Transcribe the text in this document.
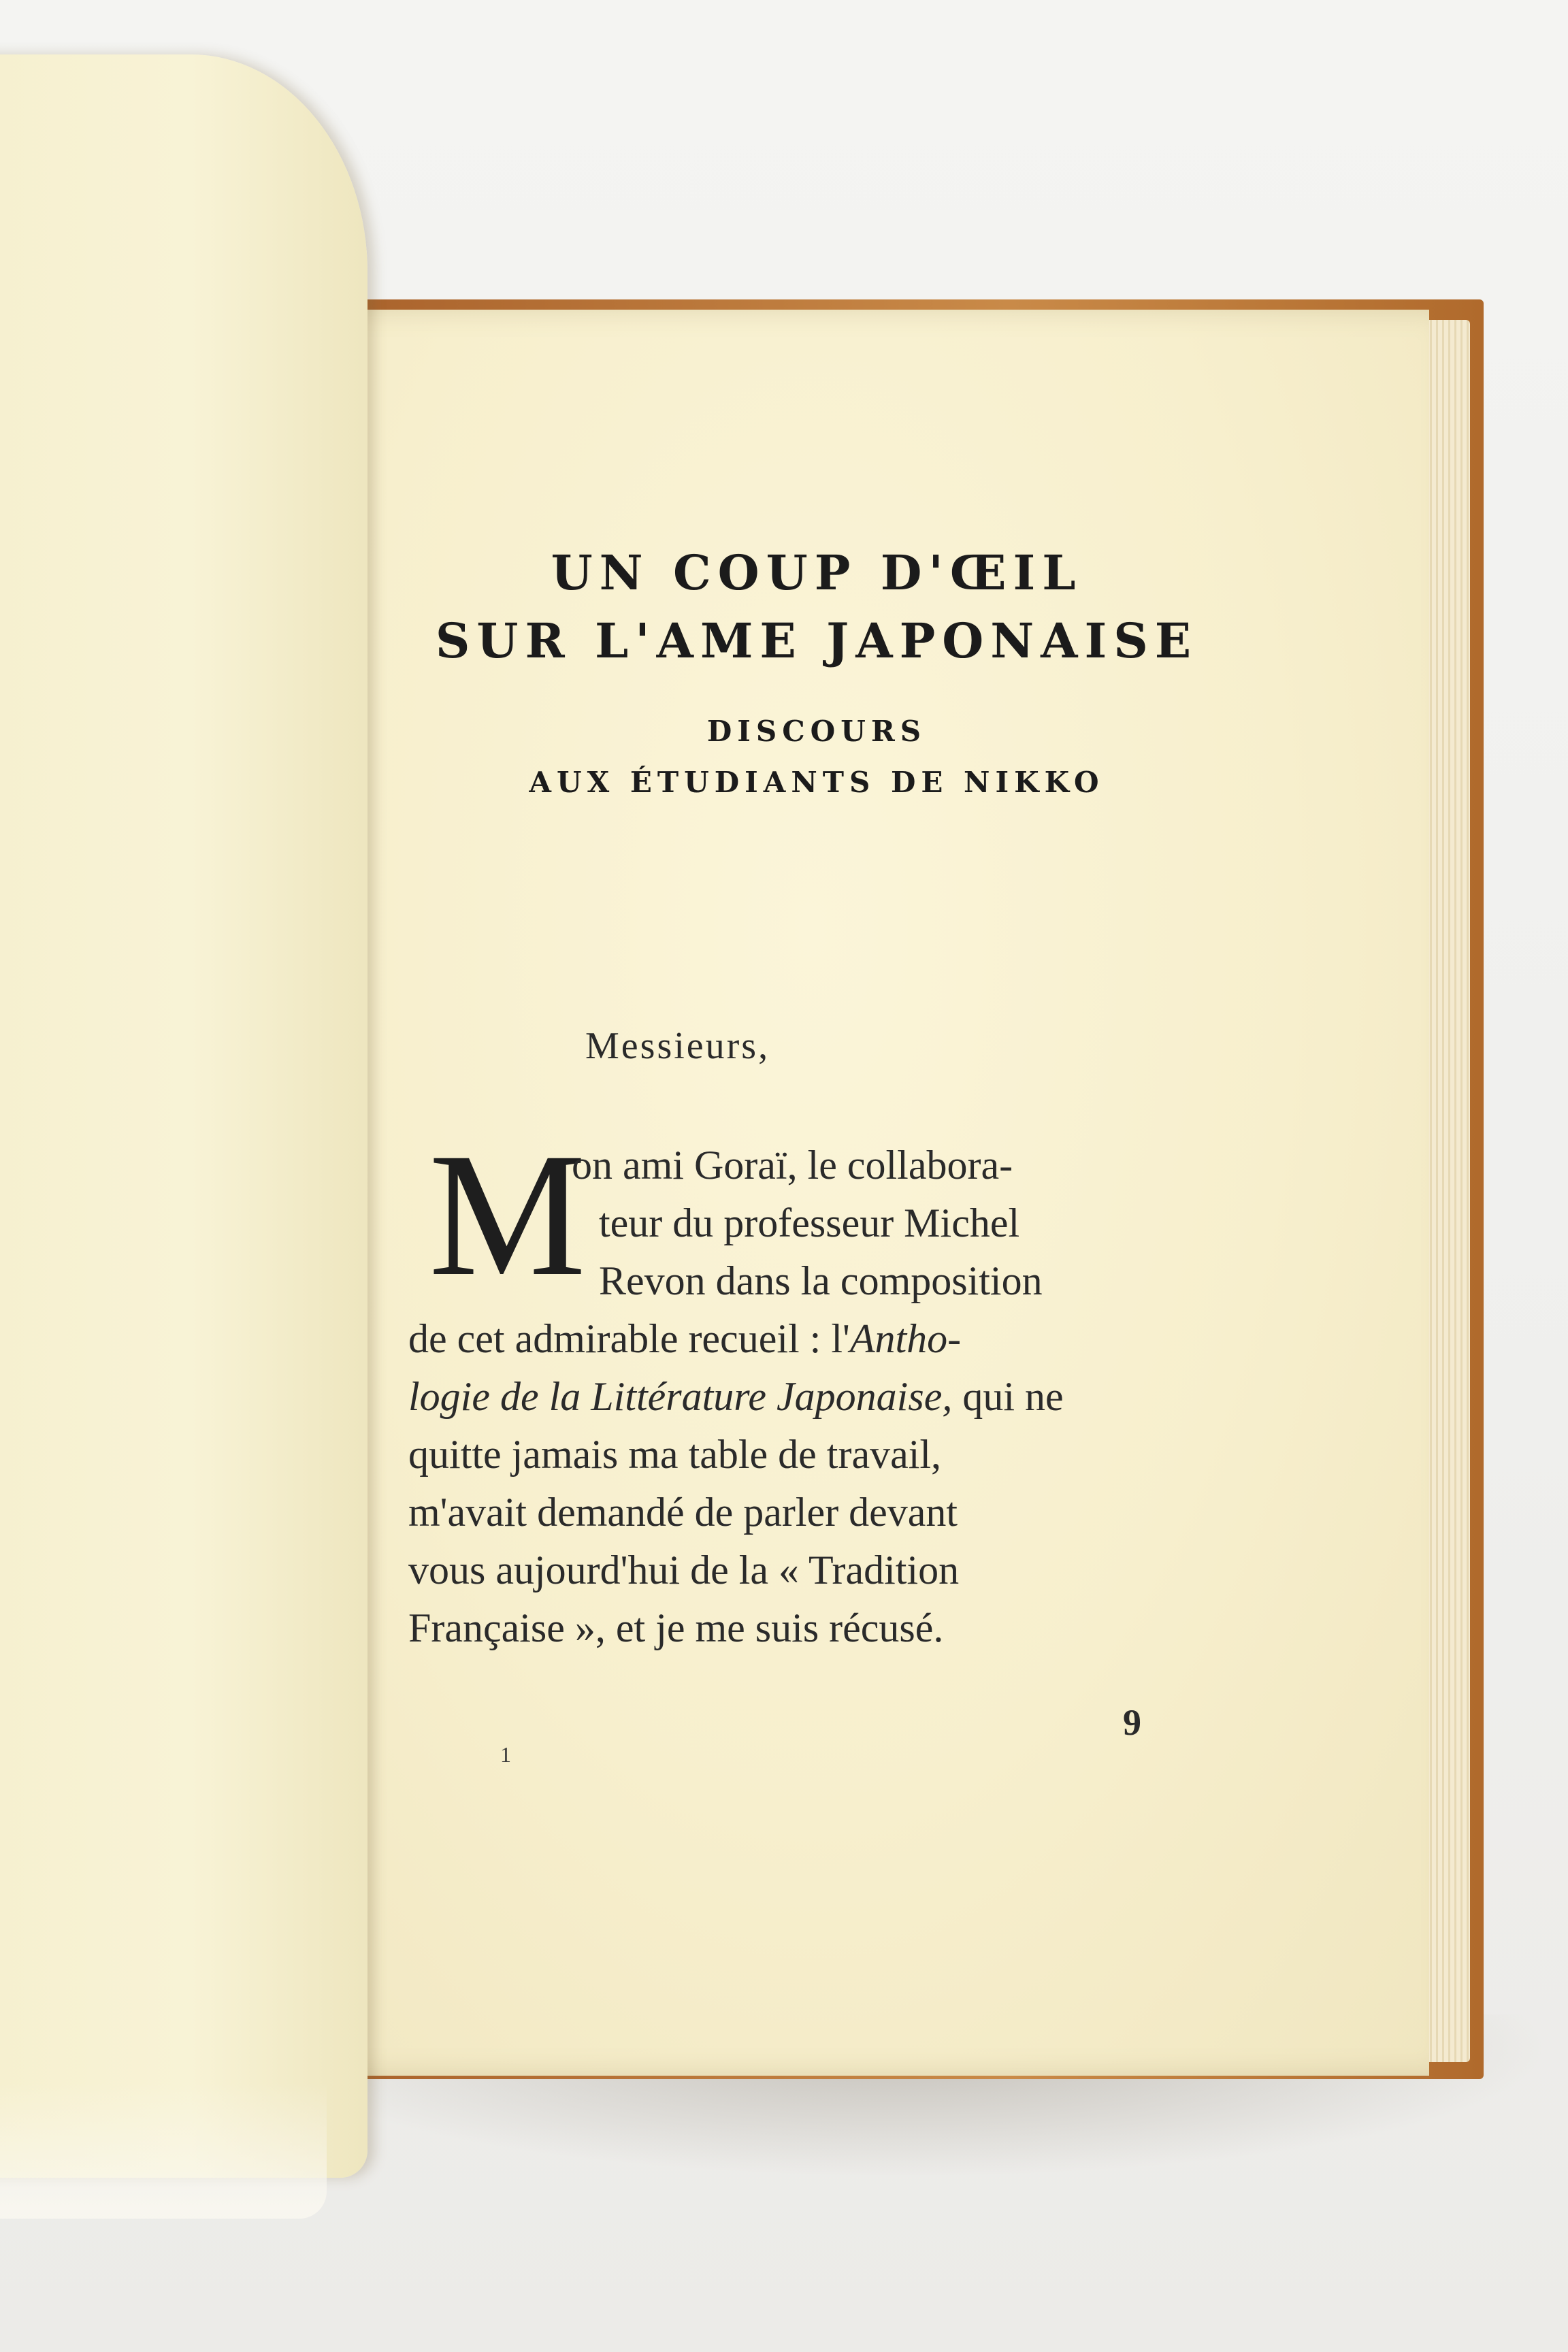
UN COUP D'ŒIL
SUR L'AME JAPONAISE
DISCOURS
AUX ÉTUDIANTS DE NIKKO
Messieurs,
M
on ami Goraï, le collabora-
teur du professeur Michel
Revon dans la composition
de cet admirable recueil : l'Antho-
logie de la Littérature Japonaise, qui ne
quitte jamais ma table de travail,
m'avait demandé de parler devant
vous aujourd'hui de la « Tradition
Française », et je me suis récusé.
9
1
